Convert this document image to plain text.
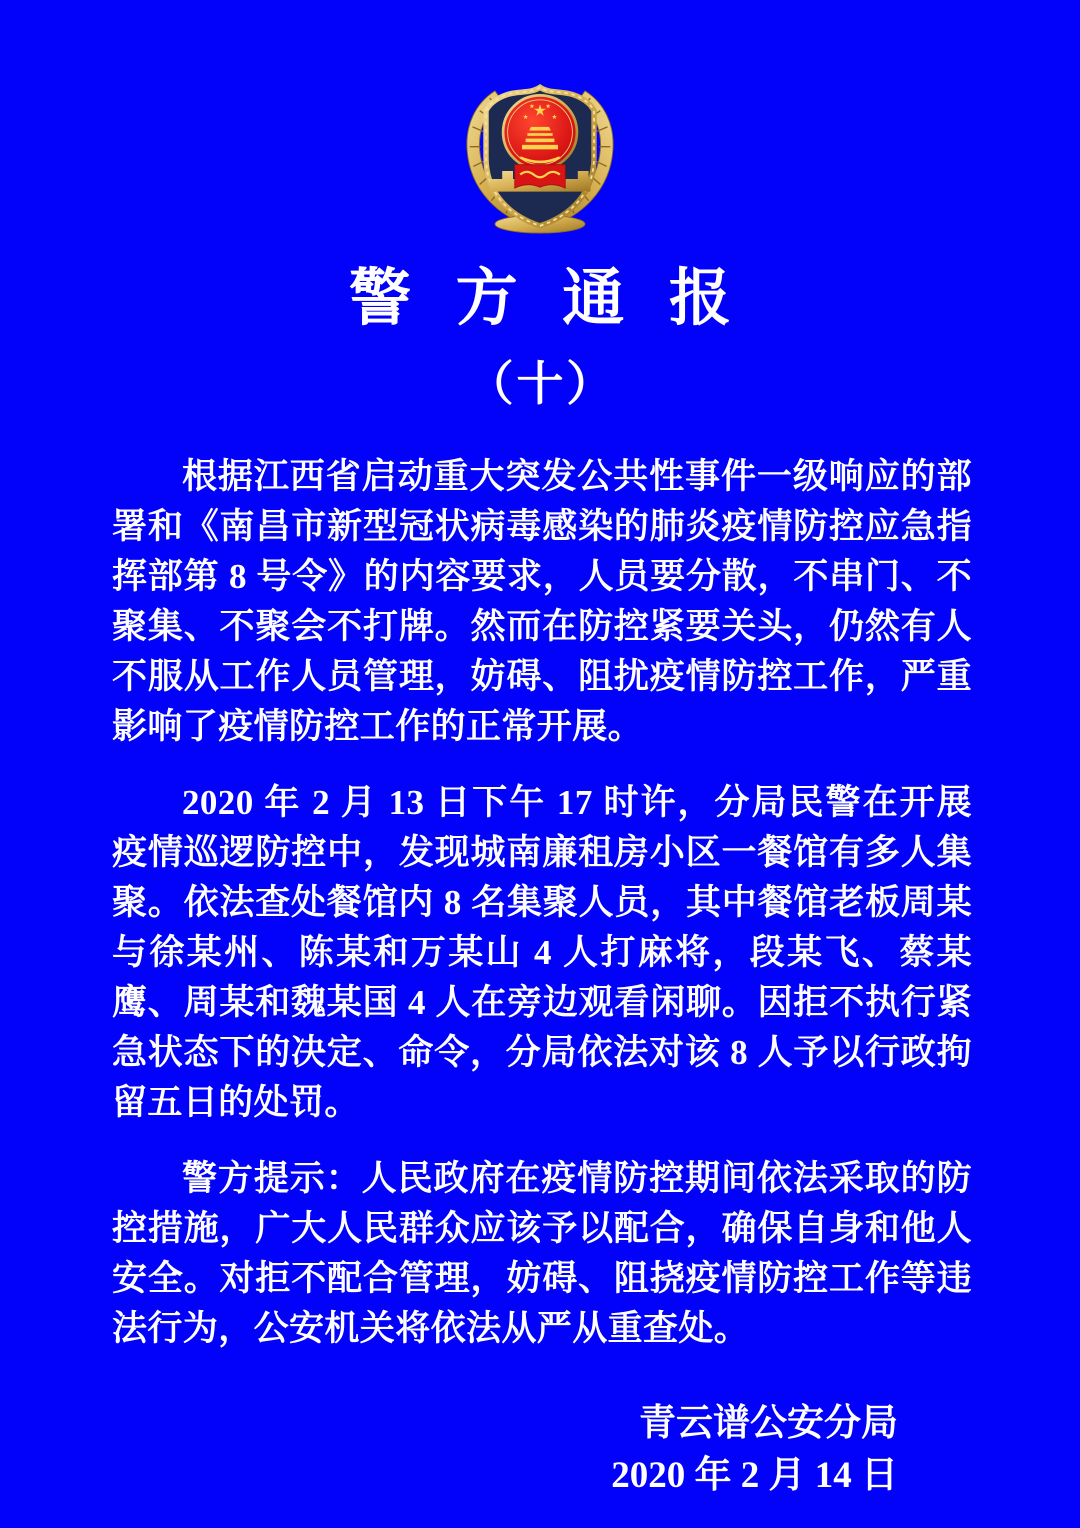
警方通报
（十）

根据江西省启动重大突发公共性事件一级响应的部署和《南昌市新型冠状病毒感染的肺炎疫情防控应急指挥部第 8 号令》的内容要求，人员要分散，不串门、不聚集、不聚会不打牌。然而在防控紧要关头，仍然有人不服从工作人员管理，妨碍、阻扰疫情防控工作，严重影响了疫情防控工作的正常开展。

2020 年 2 月 13 日下午 17 时许，分局民警在开展疫情巡逻防控中，发现城南廉租房小区一餐馆有多人集聚。依法查处餐馆内 8 名集聚人员，其中餐馆老板周某与徐某州、陈某和万某山 4 人打麻将，段某飞、蔡某鹰、周某和魏某国 4 人在旁边观看闲聊。因拒不执行紧急状态下的决定、命令，分局依法对该 8 人予以行政拘留五日的处罚。

警方提示：人民政府在疫情防控期间依法采取的防控措施，广大人民群众应该予以配合，确保自身和他人安全。对拒不配合管理，妨碍、阻挠疫情防控工作等违法行为，公安机关将依法从严从重查处。

青云谱公安分局
2020 年 2 月 14 日
